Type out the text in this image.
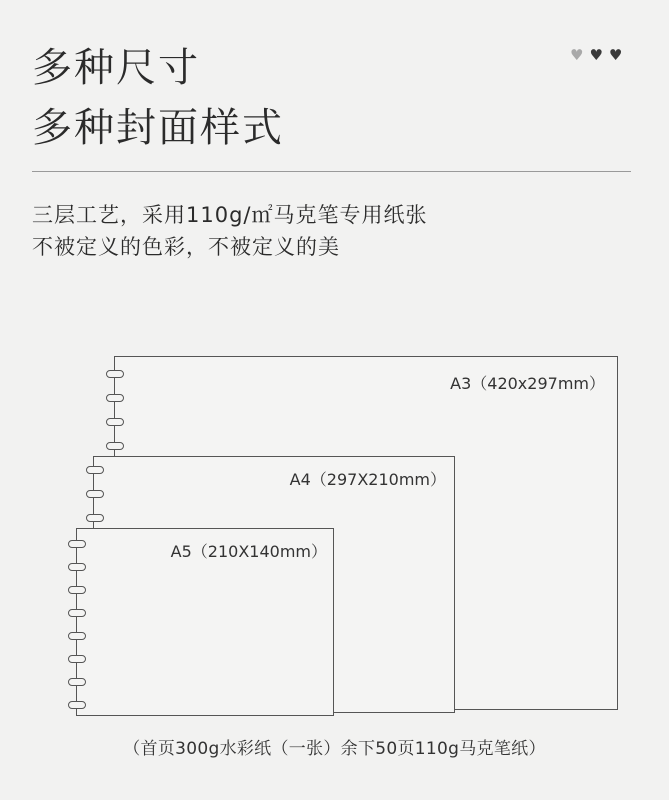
多种尺寸
多种封面样式
♥♥♥
三层工艺，采用110g/㎡马克笔专用纸张
不被定义的色彩，不被定义的美
A3（420x297mm）
A4（297X210mm）
A5（210X140mm）
（首页300g水彩纸（一张）余下50页110g马克笔纸）
